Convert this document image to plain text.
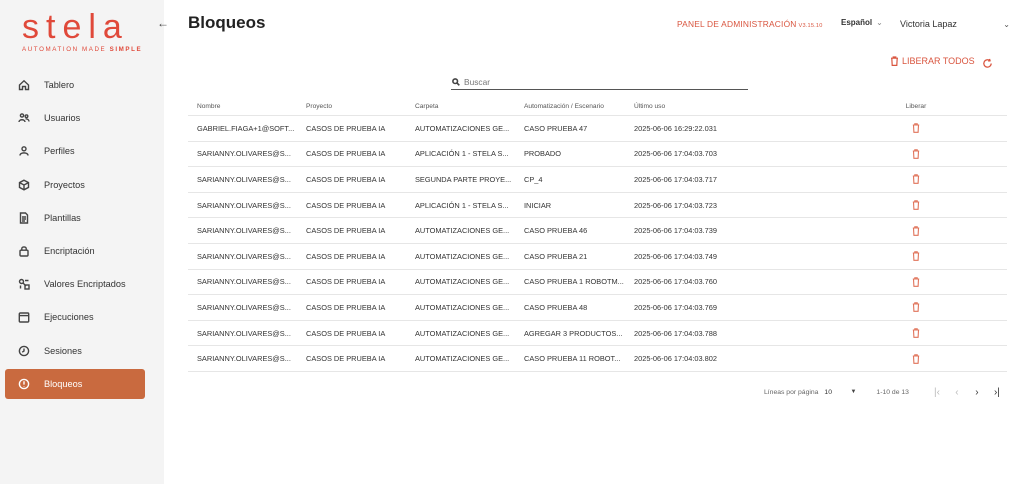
stela
AUTOMATION MADE SIMPLE
←
Tablero
Usuarios
Perfiles
Proyectos
Plantillas
Encriptación
Valores Encriptados
Ejecuciones
Sesiones
Bloqueos
Bloqueos	PANEL DE ADMINISTRACIÓN V3.15.10 Español ⌄ Victoria Lapaz	⌄
LIBERAR TODOS
Buscar
Nombre	Proyecto	Carpeta	Automatización / Escenario	Último uso	Liberar
GABRIEL.FIAGA+1@SOFT...	CASOS DE PRUEBA IA	AUTOMATIZACIONES GE...	CASO PRUEBA 47	2025-06-06 16:29:22.031
SARIANNY.OLIVARES@S...	CASOS DE PRUEBA IA	APLICACIÓN 1 - STELA S...	PROBADO	2025-06-06 17:04:03.703
SARIANNY.OLIVARES@S...	CASOS DE PRUEBA IA	SEGUNDA PARTE PROYE...	CP_4	2025-06-06 17:04:03.717
SARIANNY.OLIVARES@S...	CASOS DE PRUEBA IA	APLICACIÓN 1 - STELA S...	INICIAR	2025-06-06 17:04:03.723
SARIANNY.OLIVARES@S...	CASOS DE PRUEBA IA	AUTOMATIZACIONES GE...	CASO PRUEBA 46	2025-06-06 17:04:03.739
SARIANNY.OLIVARES@S...	CASOS DE PRUEBA IA	AUTOMATIZACIONES GE...	CASO PRUEBA 21	2025-06-06 17:04:03.749
SARIANNY.OLIVARES@S...	CASOS DE PRUEBA IA	AUTOMATIZACIONES GE...	CASO PRUEBA 1 ROBOTM...	2025-06-06 17:04:03.760
SARIANNY.OLIVARES@S...	CASOS DE PRUEBA IA	AUTOMATIZACIONES GE...	CASO PRUEBA 48	2025-06-06 17:04:03.769
SARIANNY.OLIVARES@S...	CASOS DE PRUEBA IA	AUTOMATIZACIONES GE...	AGREGAR 3 PRODUCTOS...	2025-06-06 17:04:03.788
SARIANNY.OLIVARES@S...	CASOS DE PRUEBA IA	AUTOMATIZACIONES GE...	CASO PRUEBA 11 ROBOT...	2025-06-06 17:04:03.802
Líneas por página 10	▼	1-10 de 13	|‹	‹	›	›|
